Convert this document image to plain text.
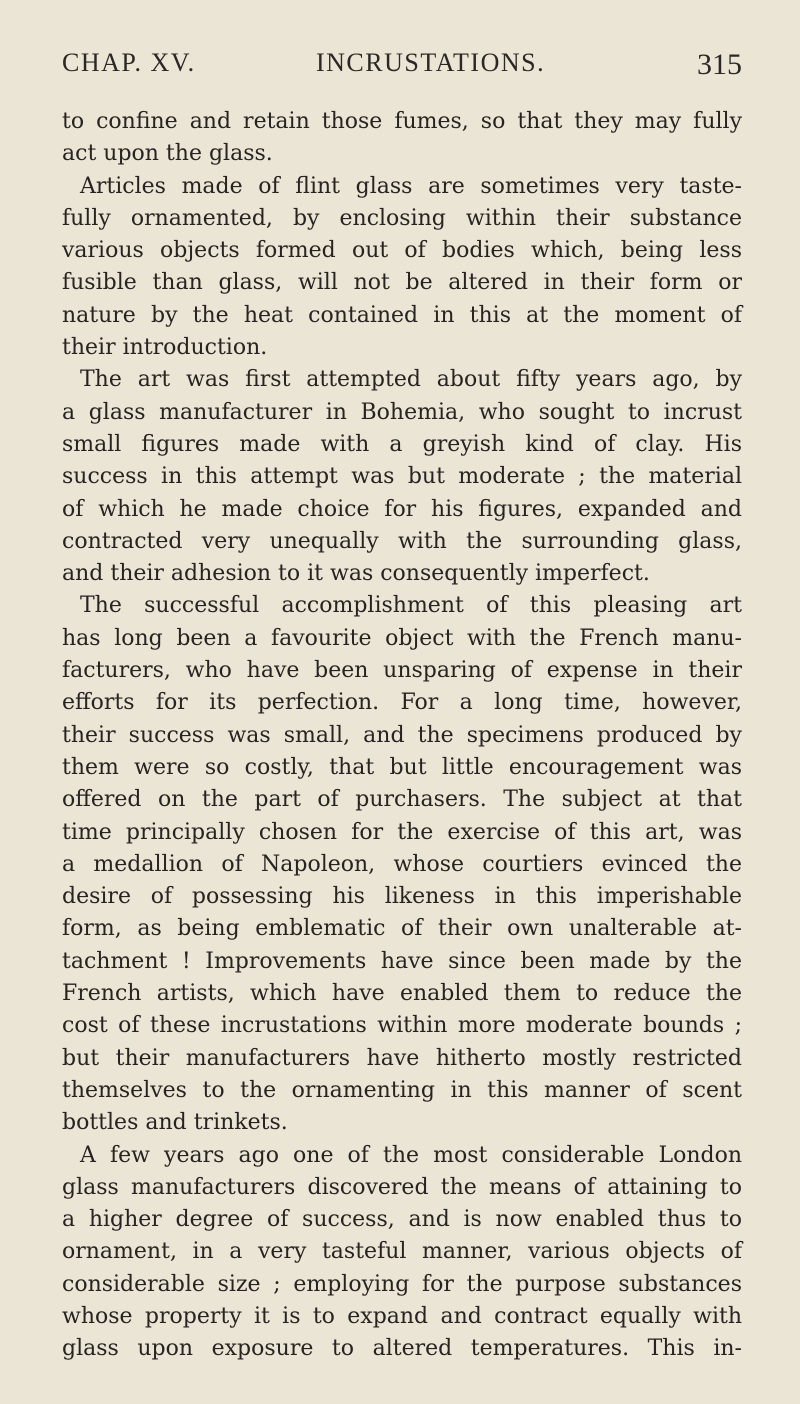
CHAP. XV.	INCRUSTATIONS.	315
to confine and retain those fumes, so that they may fully
act upon the glass.
Articles made of flint glass are sometimes very taste-
fully ornamented, by enclosing within their substance
various objects formed out of bodies which, being less
fusible than glass, will not be altered in their form or
nature by the heat contained in this at the moment of
their introduction.
The art was first attempted about fifty years ago, by
a glass manufacturer in Bohemia, who sought to incrust
small figures made with a greyish kind of clay. His
success in this attempt was but moderate ; the material
of which he made choice for his figures, expanded and
contracted very unequally with the surrounding glass,
and their adhesion to it was consequently imperfect.
The successful accomplishment of this pleasing art
has long been a favourite object with the French manu-
facturers, who have been unsparing of expense in their
efforts for its perfection. For a long time, however,
their success was small, and the specimens produced by
them were so costly, that but little encouragement was
offered on the part of purchasers. The subject at that
time principally chosen for the exercise of this art, was
a medallion of Napoleon, whose courtiers evinced the
desire of possessing his likeness in this imperishable
form, as being emblematic of their own unalterable at-
tachment ! Improvements have since been made by the
French artists, which have enabled them to reduce the
cost of these incrustations within more moderate bounds ;
but their manufacturers have hitherto mostly restricted
themselves to the ornamenting in this manner of scent
bottles and trinkets.
A few years ago one of the most considerable London
glass manufacturers discovered the means of attaining to
a higher degree of success, and is now enabled thus to
ornament, in a very tasteful manner, various objects of
considerable size ; employing for the purpose substances
whose property it is to expand and contract equally with
glass upon exposure to altered temperatures. This in-
